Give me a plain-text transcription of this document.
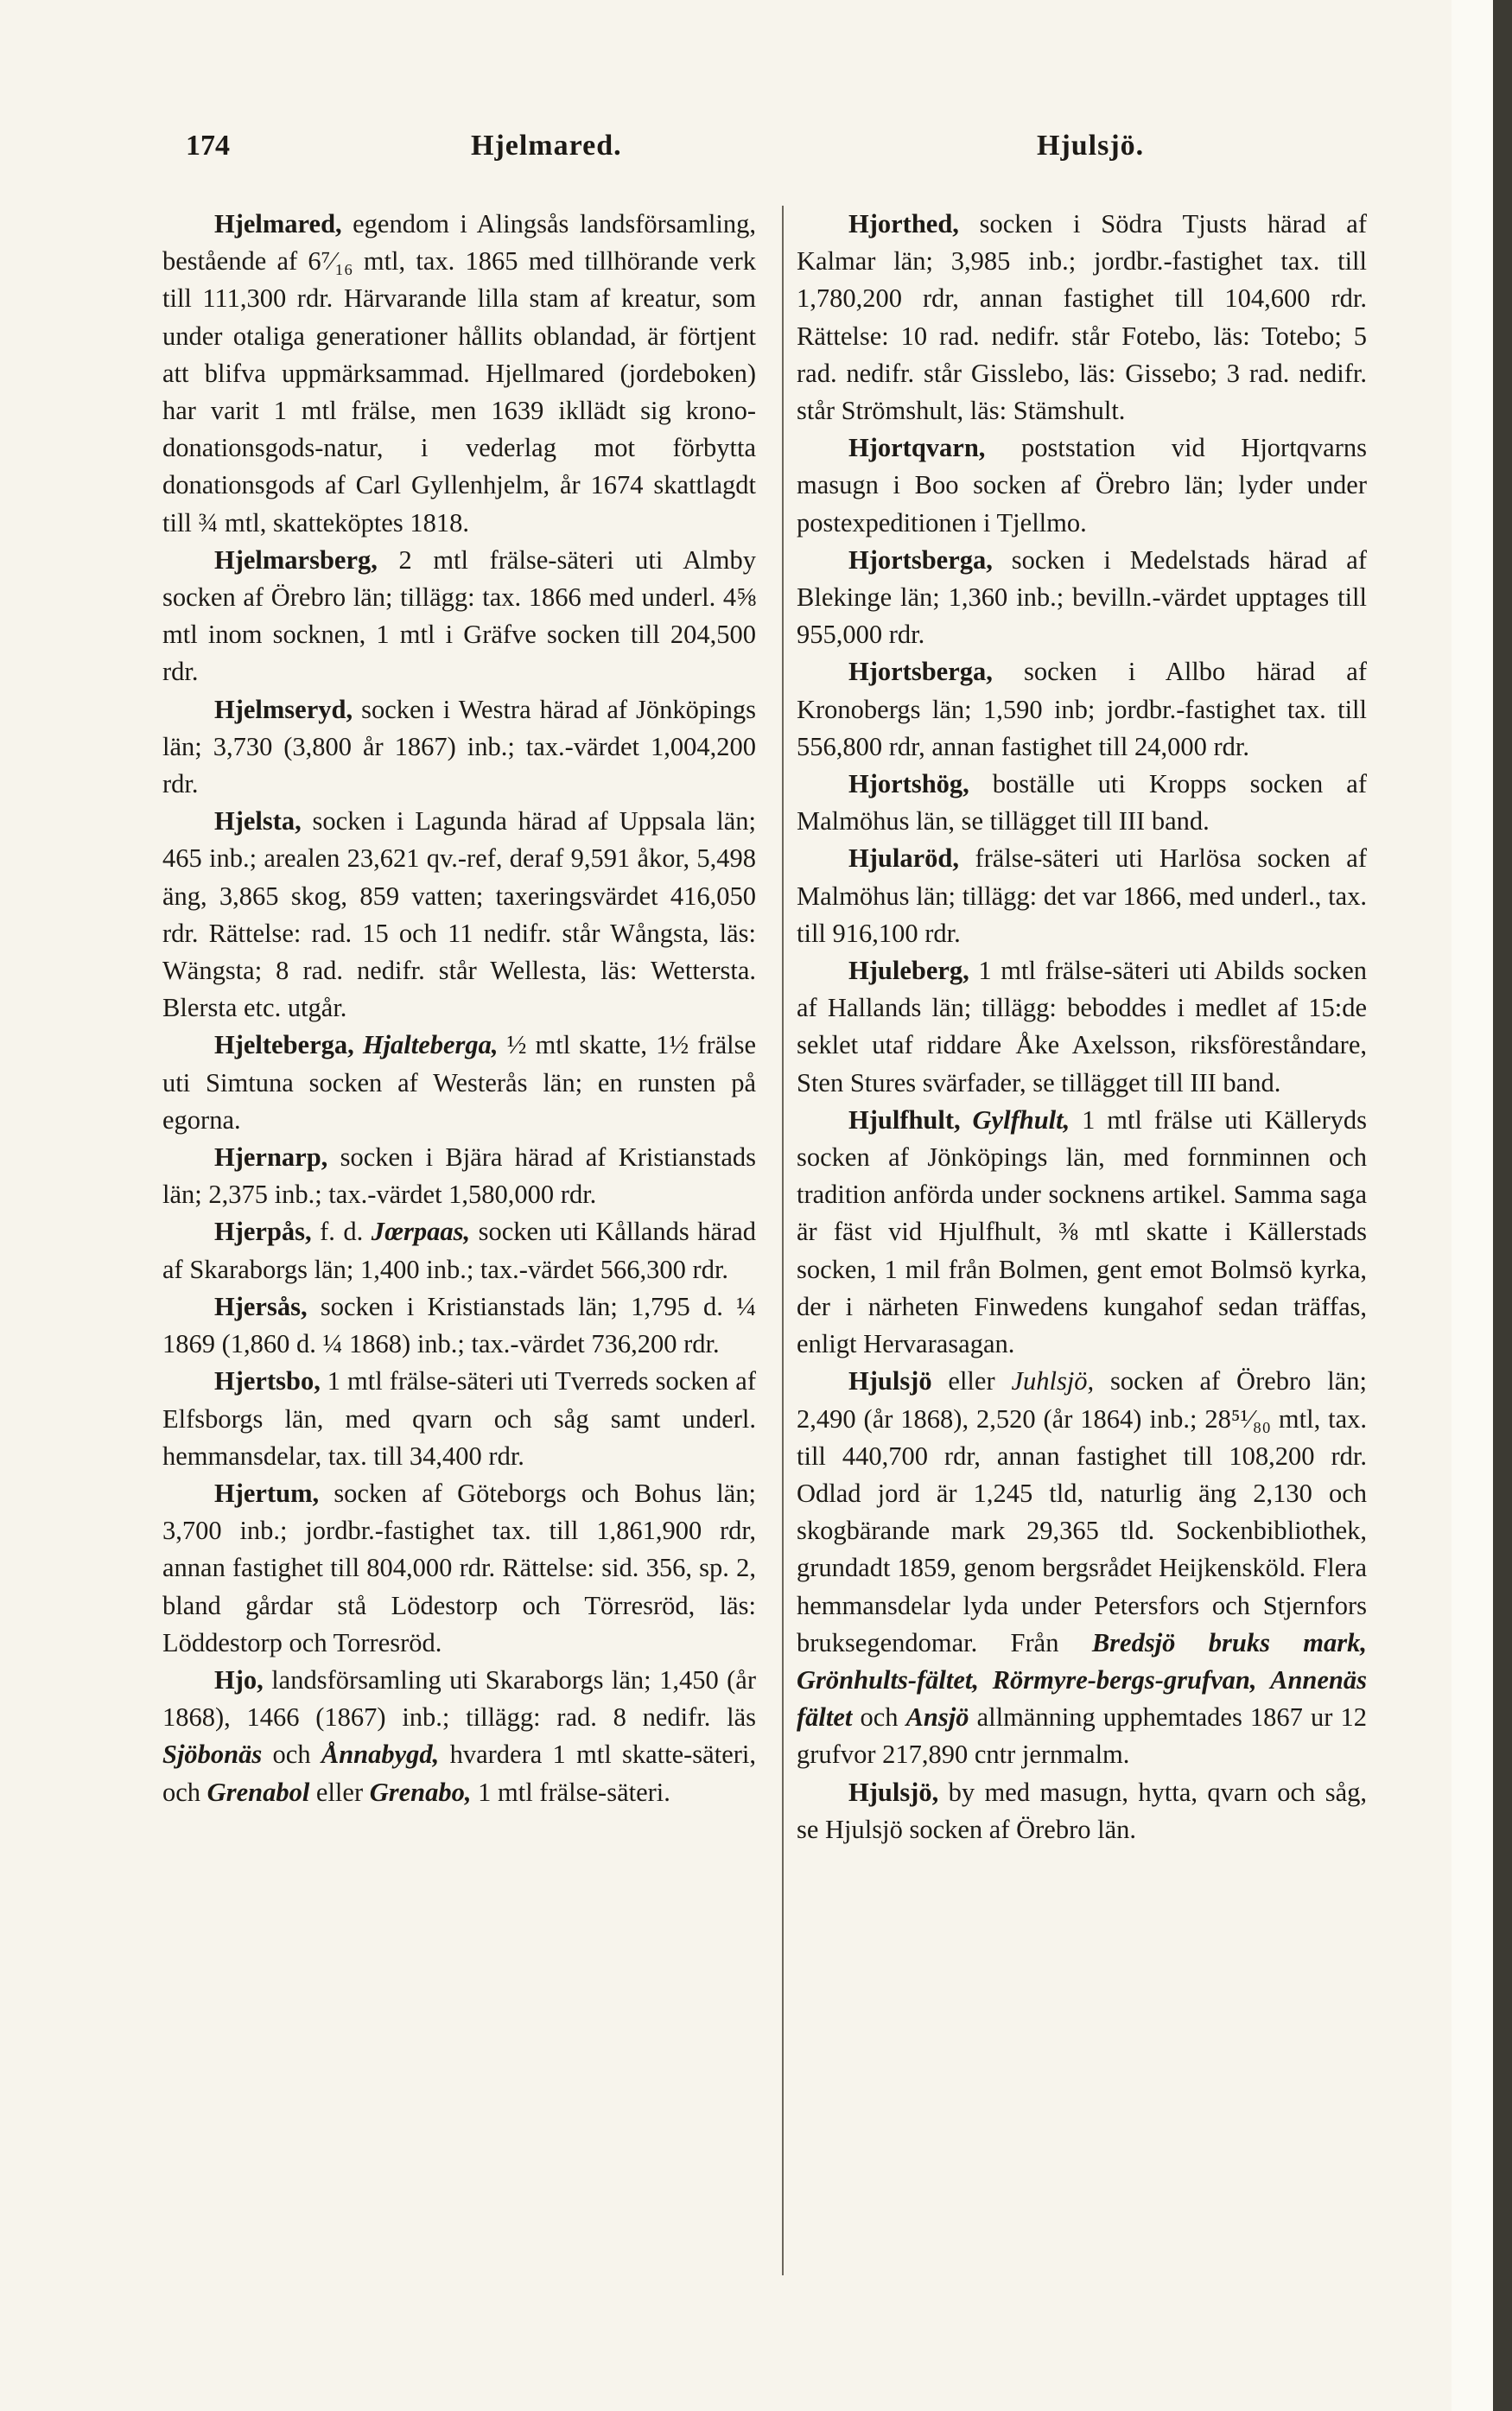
174	Hjelmared.	Hjulsjö.

Hjelmared, egendom i Alingsås landsförsamling, bestående af 6⁷⁄₁₆ mtl, tax. 1865 med tillhörande verk till 111,300 rdr. Härvarande lilla stam af kreatur, som under otaliga generationer hållits oblandad, är förtjent att blifva uppmärksammad. Hjellmared (jordeboken) har varit 1 mtl frälse, men 1639 ikllädt sig krono-donationsgods-natur, i vederlag mot förbytta donationsgods af Carl Gyllenhjelm, år 1674 skattlagdt till ¾ mtl, skatteköptes 1818.

Hjelmarsberg, 2 mtl frälse-säteri uti Almby socken af Örebro län; tillägg: tax. 1866 med underl. 4⅝ mtl inom socknen, 1 mtl i Gräfve socken till 204,500 rdr.

Hjelmseryd, socken i Westra härad af Jönköpings län; 3,730 (3,800 år 1867) inb.; tax.-värdet 1,004,200 rdr.

Hjelsta, socken i Lagunda härad af Uppsala län; 465 inb.; arealen 23,621 qv.-ref, deraf 9,591 åkor, 5,498 äng, 3,865 skog, 859 vatten; taxeringsvärdet 416,050 rdr. Rättelse: rad. 15 och 11 nedifr. står Wångsta, läs: Wängsta; 8 rad. nedifr. står Wellesta, läs: Wettersta. Blersta etc. utgår.

Hjelteberga, Hjalteberga, ½ mtl skatte, 1½ frälse uti Simtuna socken af Westerås län; en runsten på egorna.

Hjernarp, socken i Bjära härad af Kristianstads län; 2,375 inb.; tax.-värdet 1,580,000 rdr.

Hjerpås, f. d. Jœrpaas, socken uti Kållands härad af Skaraborgs län; 1,400 inb.; tax.-värdet 566,300 rdr.

Hjersås, socken i Kristianstads län; 1,795 d. ¼ 1869 (1,860 d. ¼ 1868) inb.; tax.-värdet 736,200 rdr.

Hjertsbo, 1 mtl frälse-säteri uti Tverreds socken af Elfsborgs län, med qvarn och såg samt underl. hemmansdelar, tax. till 34,400 rdr.

Hjertum, socken af Göteborgs och Bohus län; 3,700 inb.; jordbr.-fastighet tax. till 1,861,900 rdr, annan fastighet till 804,000 rdr. Rättelse: sid. 356, sp. 2, bland gårdar stå Lödestorp och Törresröd, läs: Löddestorp och Torresröd.

Hjo, landsförsamling uti Skaraborgs län; 1,450 (år 1868), 1466 (1867) inb.; tillägg: rad. 8 nedifr. läs Sjöbonäs och Ånnabygd, hvardera 1 mtl skatte-säteri, och Grenabol eller Grenabo, 1 mtl frälse-säteri.

Hjorthed, socken i Södra Tjusts härad af Kalmar län; 3,985 inb.; jordbr.-fastighet tax. till 1,780,200 rdr, annan fastighet till 104,600 rdr. Rättelse: 10 rad. nedifr. står Fotebo, läs: Totebo; 5 rad. nedifr. står Gisslebo, läs: Gissebo; 3 rad. nedifr. står Strömshult, läs: Stämshult.

Hjortqvarn, poststation vid Hjortqvarns masugn i Boo socken af Örebro län; lyder under postexpeditionen i Tjellmo.

Hjortsberga, socken i Medelstads härad af Blekinge län; 1,360 inb.; bevilln.-värdet upptages till 955,000 rdr.

Hjortsberga, socken i Allbo härad af Kronobergs län; 1,590 inb; jordbr.-fastighet tax. till 556,800 rdr, annan fastighet till 24,000 rdr.

Hjortshög, boställe uti Kropps socken af Malmöhus län, se tillägget till III band.

Hjularöd, frälse-säteri uti Harlösa socken af Malmöhus län; tillägg: det var 1866, med underl., tax. till 916,100 rdr.

Hjuleberg, 1 mtl frälse-säteri uti Abilds socken af Hallands län; tillägg: beboddes i medlet af 15:de seklet utaf riddare Åke Axelsson, riksföreståndare, Sten Stures svärfader, se tillägget till III band.

Hjulfhult, Gylfhult, 1 mtl frälse uti Källeryds socken af Jönköpings län, med fornminnen och tradition anförda under socknens artikel. Samma saga är fäst vid Hjulfhult, ⅜ mtl skatte i Källerstads socken, 1 mil från Bolmen, gent emot Bolmsö kyrka, der i närheten Finwedens kungahof sedan träffas, enligt Hervarasagan.

Hjulsjö eller Juhlsjö, socken af Örebro län; 2,490 (år 1868), 2,520 (år 1864) inb.; 28⁵¹⁄₈₀ mtl, tax. till 440,700 rdr, annan fastighet till 108,200 rdr. Odlad jord är 1,245 tld, naturlig äng 2,130 och skogbärande mark 29,365 tld. Sockenbibliothek, grundadt 1859, genom bergsrådet Heijkensköld. Flera hemmansdelar lyda under Petersfors och Stjernfors bruksegendomar. Från Bredsjö bruks mark, Grönhults-fältet, Rörmyre-bergs-grufvan, Annenäs fältet och Ansjö allmänning upphemtades 1867 ur 12 grufvor 217,890 cntr jernmalm.

Hjulsjö, by med masugn, hytta, qvarn och såg, se Hjulsjö socken af Örebro län.
